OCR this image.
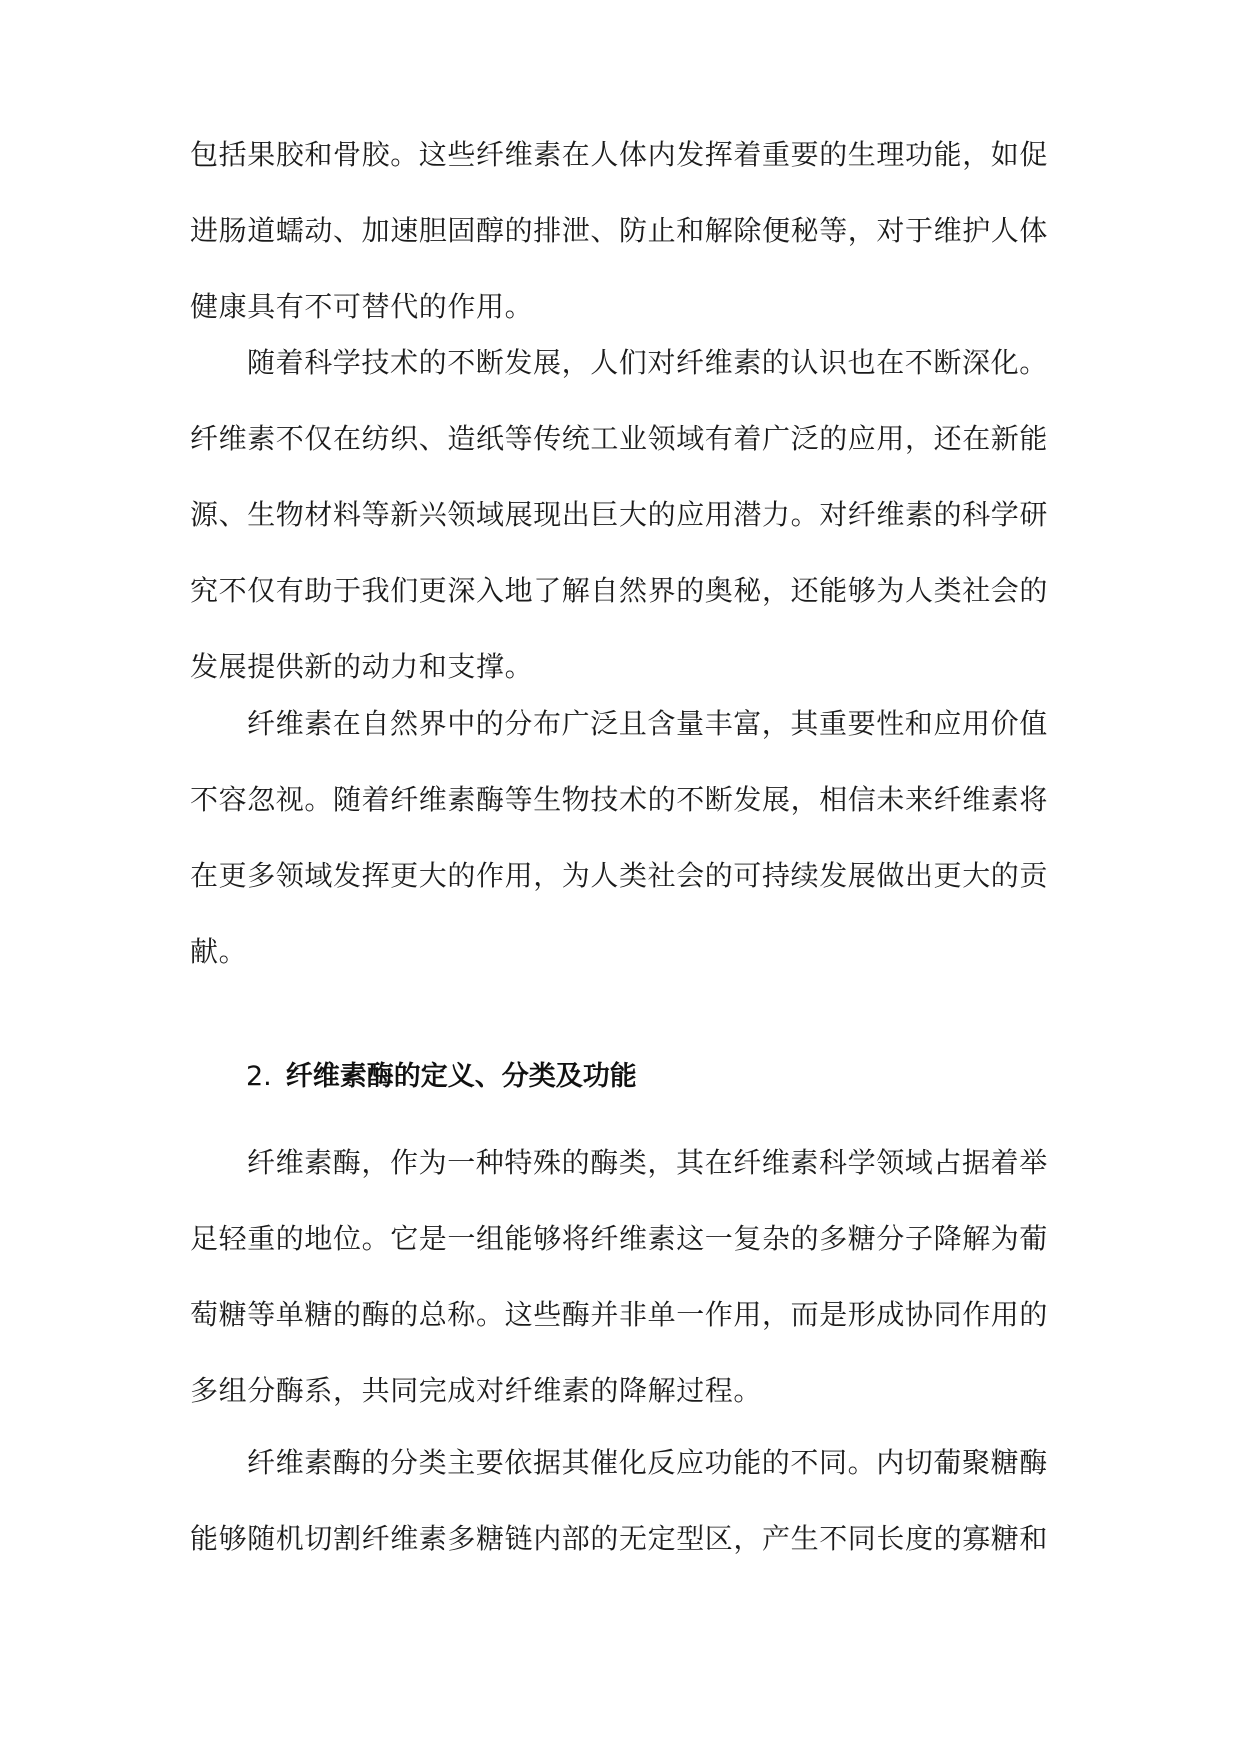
包括果胶和骨胶。这些纤维素在人体内发挥着重要的生理功能，如促
进肠道蠕动、加速胆固醇的排泄、防止和解除便秘等，对于维护人体
健康具有不可替代的作用。

随着科学技术的不断发展，人们对纤维素的认识也在不断深化。
纤维素不仅在纺织、造纸等传统工业领域有着广泛的应用，还在新能
源、生物材料等新兴领域展现出巨大的应用潜力。对纤维素的科学研
究不仅有助于我们更深入地了解自然界的奥秘，还能够为人类社会的
发展提供新的动力和支撑。

纤维素在自然界中的分布广泛且含量丰富，其重要性和应用价值
不容忽视。随着纤维素酶等生物技术的不断发展，相信未来纤维素将
在更多领域发挥更大的作用，为人类社会的可持续发展做出更大的贡
献。

2. 纤维素酶的定义、分类及功能

纤维素酶，作为一种特殊的酶类，其在纤维素科学领域占据着举
足轻重的地位。它是一组能够将纤维素这一复杂的多糖分子降解为葡
萄糖等单糖的酶的总称。这些酶并非单一作用，而是形成协同作用的
多组分酶系，共同完成对纤维素的降解过程。

纤维素酶的分类主要依据其催化反应功能的不同。内切葡聚糖酶
能够随机切割纤维素多糖链内部的无定型区，产生不同长度的寡糖和
